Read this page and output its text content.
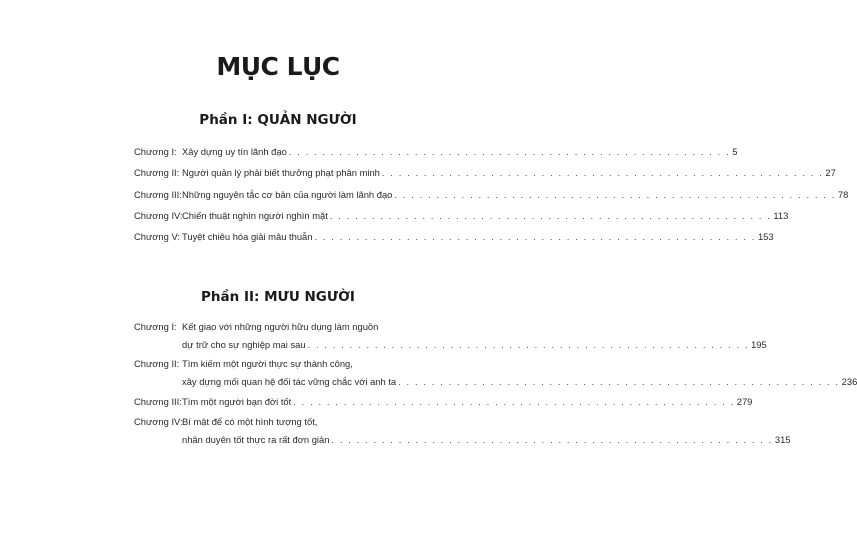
MỤC LỤC
Phần I: QUẢN NGƯỜI
Chương I: Xây dựng uy tín lãnh đạo . . . . . . . . . . . . . . . . . . . . . . . . . . . . . . . . . . . . . . . . . . . . . . . . . . . . . 5
Chương II: Người quản lý phải biết thưởng phạt phân minh . . . . . . . . . . . . . . . . . . . . . . . . . . . . . . . . . . . . . . . . . . . . . . . . . . . . . 27
Chương III: Những nguyên tắc cơ bản của người làm lãnh đạo . . . . . . . . . . . . . . . . . . . . . . . . . . . . . . . . . . . . . . . . . . . . . . . . . . . . . 78
Chương IV: Chiến thuật nghìn người nghìn mặt . . . . . . . . . . . . . . . . . . . . . . . . . . . . . . . . . . . . . . . . . . . . . . . . . . . . . 113
Chương V: Tuyệt chiêu hóa giải mâu thuẫn . . . . . . . . . . . . . . . . . . . . . . . . . . . . . . . . . . . . . . . . . . . . . . . . . . . . . 153
Phần II: MƯU NGƯỜI
Chương I: Kết giao với những người hữu dụng làm nguồn
dự trữ cho sự nghiệp mai sau . . . . . . . . . . . . . . . . . . . . . . . . . . . . . . . . . . . . . . . . . . . . . . . . . . . . . 195
Chương II: Tìm kiếm một người thực sự thành công,
xây dựng mối quan hệ đối tác vững chắc với anh ta . . . . . . . . . . . . . . . . . . . . . . . . . . . . . . . . . . . . . . . . . . . . . . . . . . . . . 236
Chương III: Tìm một người bạn đời tốt . . . . . . . . . . . . . . . . . . . . . . . . . . . . . . . . . . . . . . . . . . . . . . . . . . . . . 279
Chương IV: Bí mật để có một hình tượng tốt,
nhân duyên tốt thực ra rất đơn giản . . . . . . . . . . . . . . . . . . . . . . . . . . . . . . . . . . . . . . . . . . . . . . . . . . . . . 315
